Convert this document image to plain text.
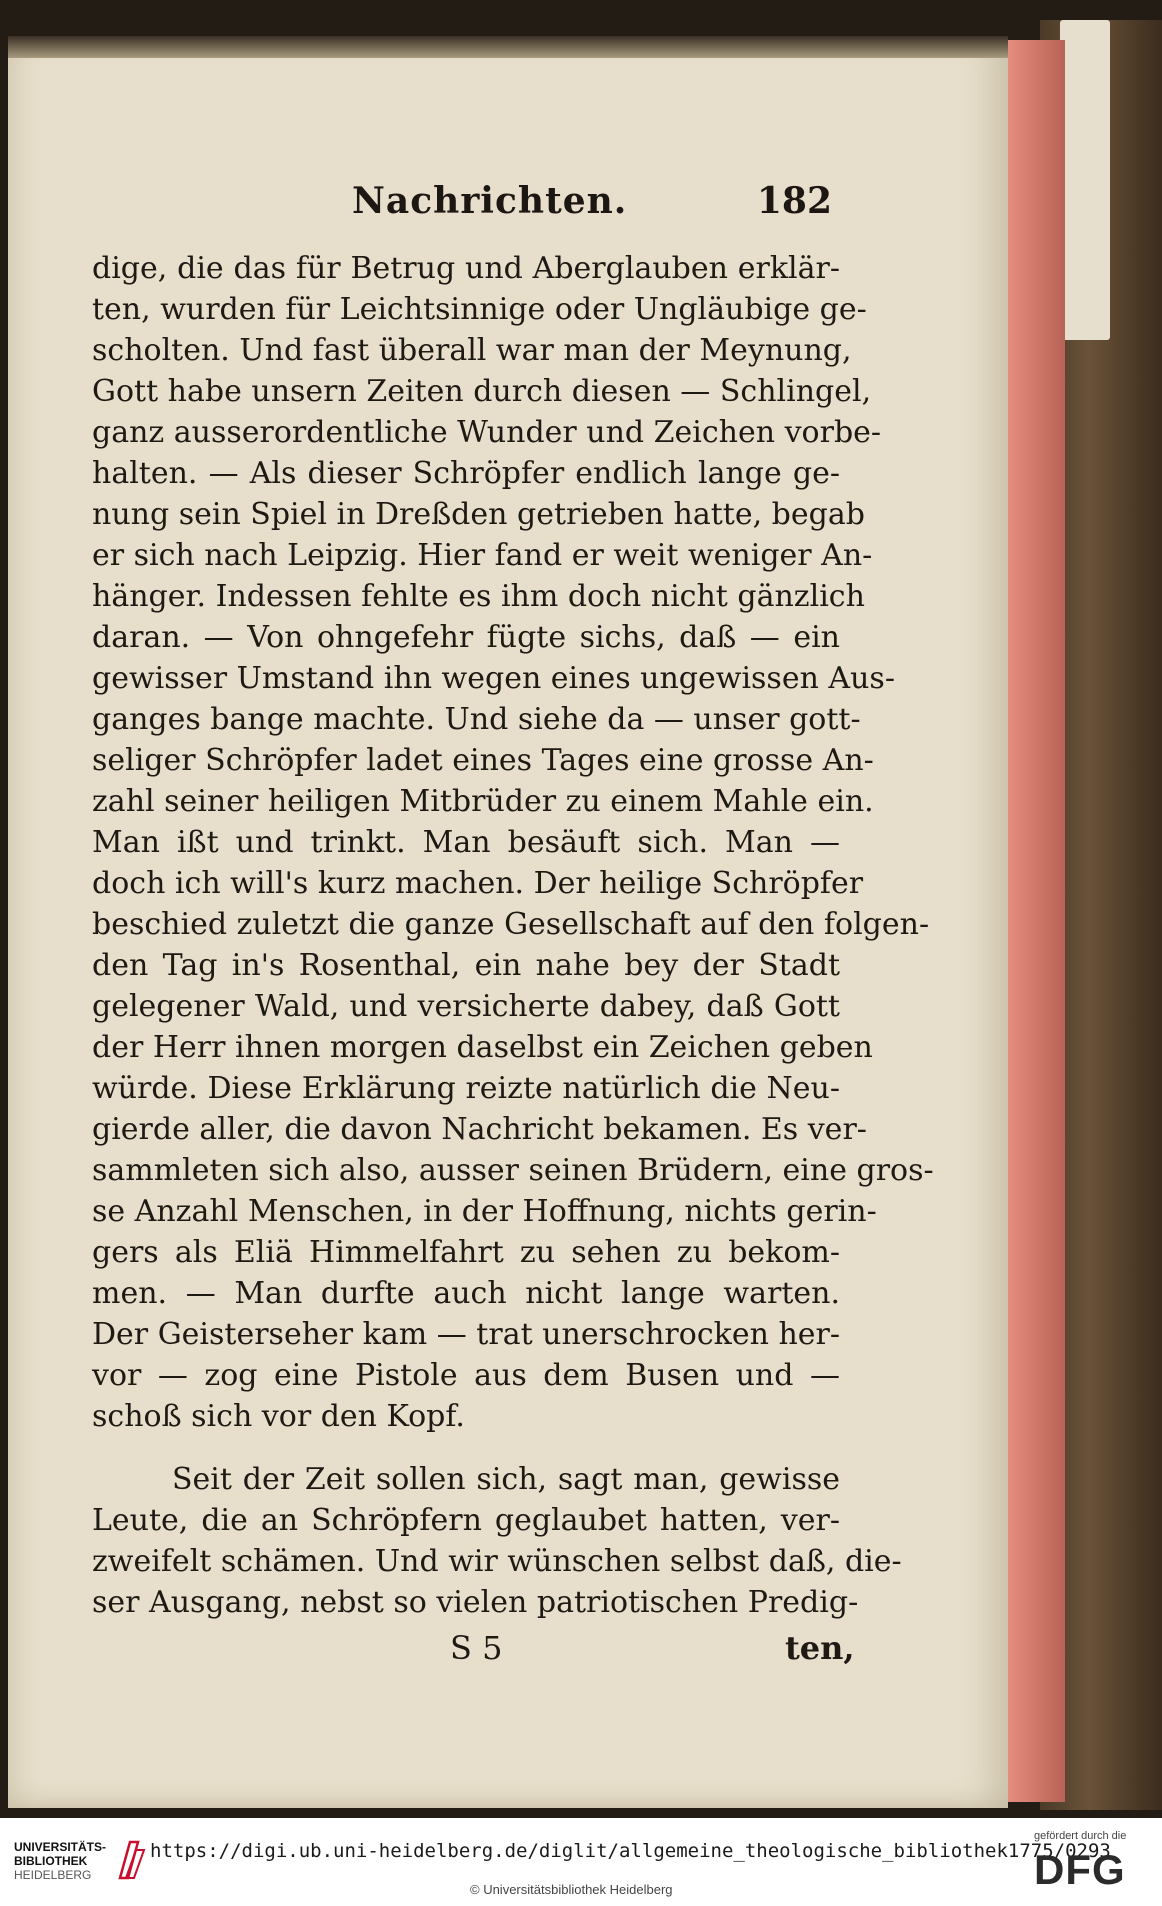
Nachrichten.	182
dige, die das für Betrug und Aberglauben erklär-
ten, wurden für Leichtsinnige oder Ungläubige ge-
scholten. Und fast überall war man der Meynung,
Gott habe unsern Zeiten durch diesen — Schlingel,
ganz ausserordentliche Wunder und Zeichen vorbe-
halten. — Als dieser Schröpfer endlich lange ge-
nung sein Spiel in Dreßden getrieben hatte, begab
er sich nach Leipzig. Hier fand er weit weniger An-
hänger. Indessen fehlte es ihm doch nicht gänzlich
daran. — Von ohngefehr fügte sichs, daß — ein
gewisser Umstand ihn wegen eines ungewissen Aus-
ganges bange machte. Und siehe da — unser gott-
seliger Schröpfer ladet eines Tages eine grosse An-
zahl seiner heiligen Mitbrüder zu einem Mahle ein.
Man ißt und trinkt. Man besäuft sich. Man —
doch ich will's kurz machen. Der heilige Schröpfer
beschied zuletzt die ganze Gesellschaft auf den folgen-
den Tag in's Rosenthal, ein nahe bey der Stadt
gelegener Wald, und versicherte dabey, daß Gott
der Herr ihnen morgen daselbst ein Zeichen geben
würde. Diese Erklärung reizte natürlich die Neu-
gierde aller, die davon Nachricht bekamen. Es ver-
sammleten sich also, ausser seinen Brüdern, eine gros-
se Anzahl Menschen, in der Hoffnung, nichts gerin-
gers als Eliä Himmelfahrt zu sehen zu bekom-
men. — Man durfte auch nicht lange warten.
Der Geisterseher kam — trat unerschrocken her-
vor — zog eine Pistole aus dem Busen und —
schoß sich vor den Kopf.
Seit der Zeit sollen sich, sagt man, gewisse
Leute, die an Schröpfern geglaubet hatten, ver-
zweifelt schämen. Und wir wünschen selbst daß, die-
ser Ausgang, nebst so vielen patriotischen Predig-
S 5	ten,
UNIVERSITÄTS-
BIBLIOTHEK
HEIDELBERG
https://digi.ub.uni-heidelberg.de/diglit/allgemeine_theologische_bibliothek1775/0293
© Universitätsbibliothek Heidelberg
gefördert durch die
DFG
